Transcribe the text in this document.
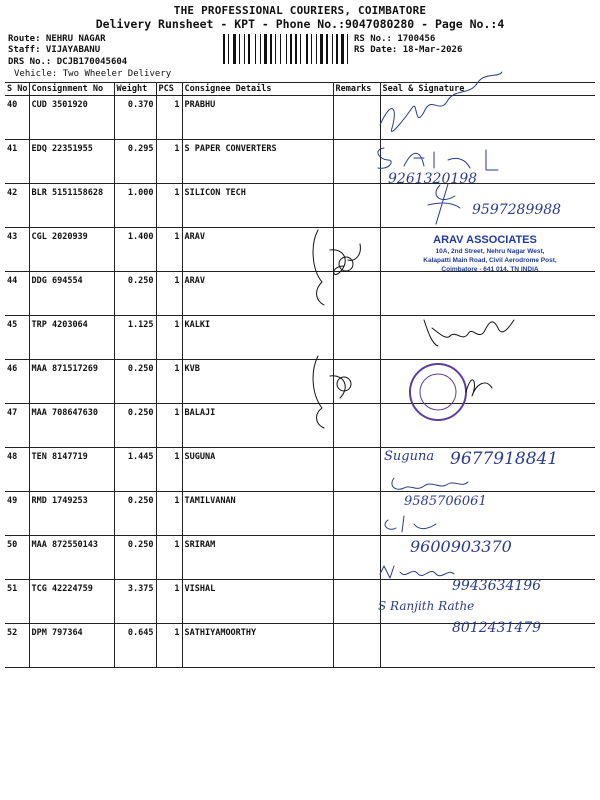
THE PROFESSIONAL COURIERS, COIMBATORE
Delivery Runsheet - KPT - Phone No.:9047080280 - Page No.:4
Route: NEHRU NAGAR
Staff: VIJAYABANU
DRS No.: DCJB170045604
Vehicle: Two Wheeler Delivery
RS No.: 1700456
RS Date: 18-Mar-2026
S No	Consignment No	Weight	PCS	Consignee Details	Remarks	Seal & Signature
40	CUD 3501920	0.370	1	PRABHU		
41	EDQ 22351955	0.295	1	S PAPER CONVERTERS		
42	BLR 5151158628	1.000	1	SILICON TECH		
43	CGL 2020939	1.400	1	ARAV		
44	DDG 694554	0.250	1	ARAV		
45	TRP 4203064	1.125	1	KALKI		
46	MAA 871517269	0.250	1	KVB		
47	MAA 708647630	0.250	1	BALAJI		
48	TEN 8147719	1.445	1	SUGUNA		
49	RMD 1749253	0.250	1	TAMILVANAN		
50	MAA 872550143	0.250	1	SRIRAM		
51	TCG 42224759	3.375	1	VISHAL		
52	DPM 797364	0.645	1	SATHIYAMOORTHY		
9261320198
9597289988
Suguna 9677918841
9585706061
9600903370
9943634196
S Ranjith Rathe
8012431479
ARAV ASSOCIATES
10A, 2nd Street, Nehru Nagar West,
Kalapatti Main Road, Civil Aerodrome Post,
Coimbatore - 641 014, TN INDIA
